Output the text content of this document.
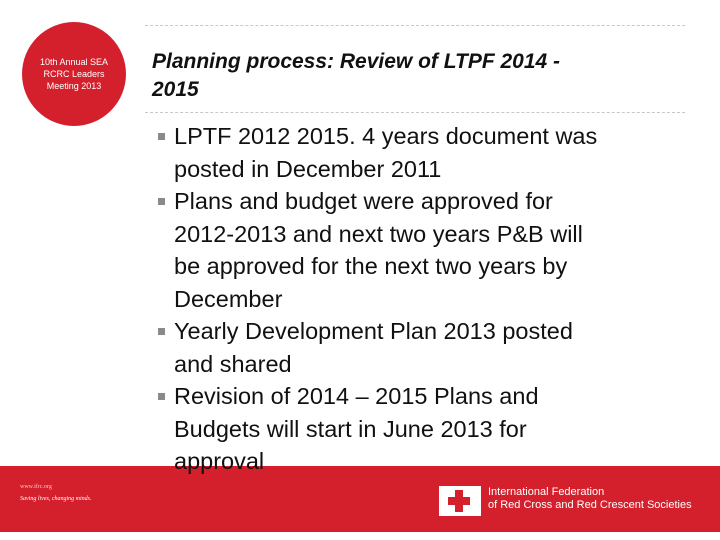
10th Annual SEA
RCRC Leaders
Meeting 2013
Planning process: Review of LTPF 2014 -
2015
www.ifrc.org
Saving lives, changing minds.
International Federation
of Red Cross and Red Crescent Societies
LPTF 2012 2015. 4 years document was
posted in December 2011
Plans and budget were approved for
2012-2013 and next two years P&B will
be approved for the next two years by
December
Yearly Development Plan 2013 posted
and shared
Revision of 2014 – 2015 Plans and
Budgets will start in June 2013 for
approval
